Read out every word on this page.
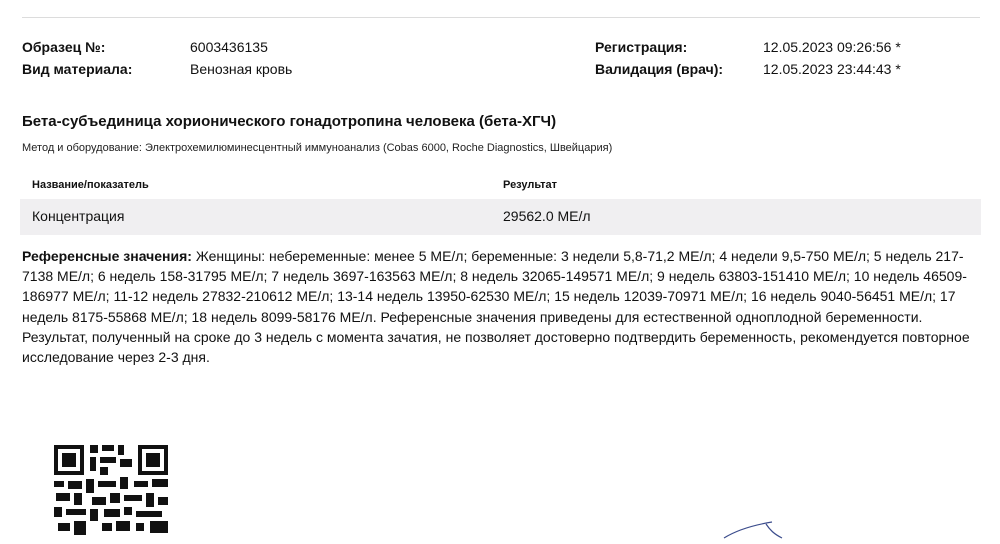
Образец №:	6003436135
Вид материала:	Венозная кровь
Регистрация:	12.05.2023 09:26:56 *
Валидация (врач):	12.05.2023 23:44:43 *
Бета-субъединица хорионического гонадотропина человека (бета-ХГЧ)
Метод и оборудование: Электрохемилюминесцентный иммуноанализ (Cobas 6000, Roche Diagnostics, Швейцария)
Название/показатель	Результат
Концентрация	29562.0 МЕ/л
Референсные значения: Женщины: небеременные: менее 5 МЕ/л; беременные: 3 недели 5,8-71,2 МЕ/л; 4 недели 9,5-750 МЕ/л; 5 недель 217-7138 МЕ/л; 6 недель 158-31795 МЕ/л; 7 недель 3697-163563 МЕ/л; 8 недель 32065-149571 МЕ/л; 9 недель 63803-151410 МЕ/л; 10 недель 46509-186977 МЕ/л; 11-12 недель 27832-210612 МЕ/л; 13-14 недель 13950-62530 МЕ/л; 15 недель 12039-70971 МЕ/л; 16 недель 9040-56451 МЕ/л; 17 недель 8175-55868 МЕ/л; 18 недель 8099-58176 МЕ/л. Референсные значения приведены для естественной одноплодной беременности. Результат, полученный на сроке до 3 недель с момента зачатия, не позволяет достоверно подтвердить беременность, рекомендуется повторное исследование через 2-3 дня.
